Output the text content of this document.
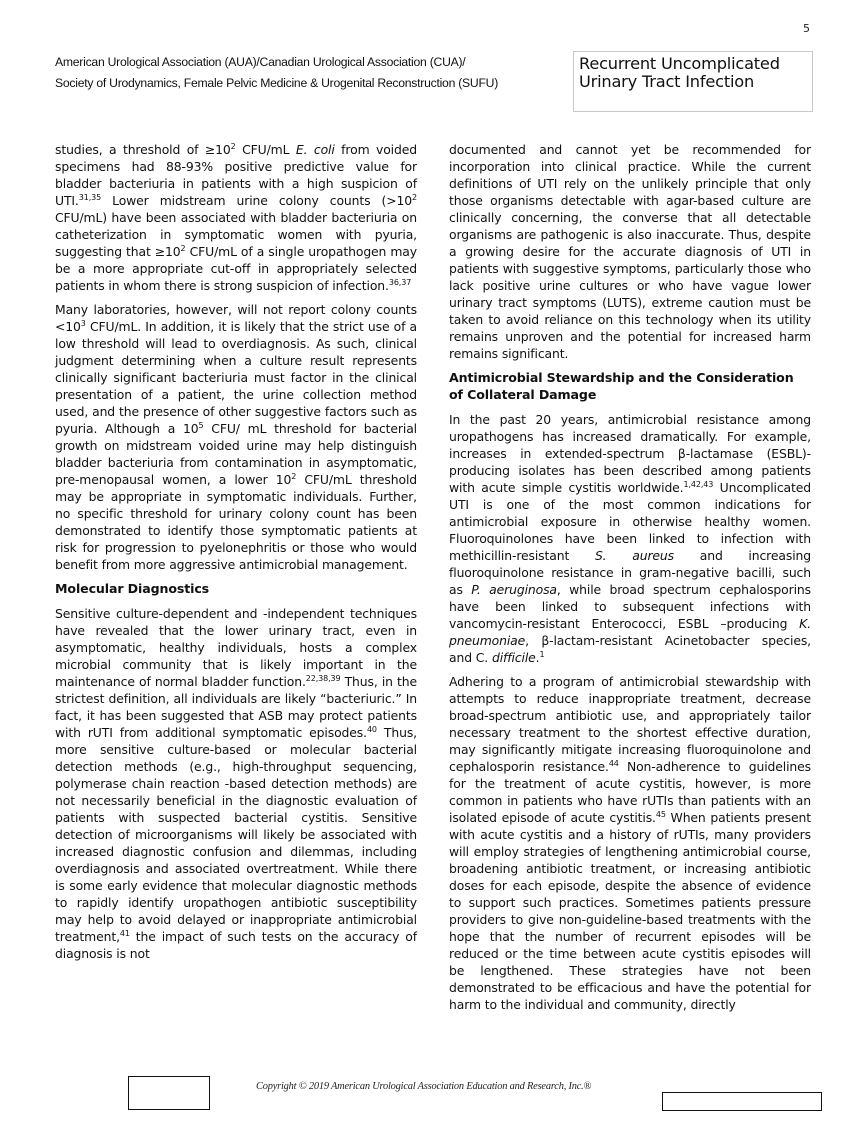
5
American Urological Association (AUA)/Canadian Urological Association (CUA)/
Society of Urodynamics, Female Pelvic Medicine & Urogenital Reconstruction (SUFU)
Recurrent Uncomplicated
Urinary Tract Infection

studies, a threshold of $\ge 10^2$ CFU/mL E. coli from voided specimens had 88-93% positive predictive value for bladder bacteriuria in patients with a high suspicion of UTI.$^{31,35}$ Lower midstream urine colony counts ($>10^2$ CFU/mL) have been associated with bladder bacteriuria on catheterization in symptomatic women with pyuria, suggesting that $\ge 10^2$ CFU/mL of a single uropathogen may be a more appropriate cut-off in appropriately selected patients in whom there is strong suspicion of infection.$^{36,37}$

Many laboratories, however, will not report colony counts $<10^3$ CFU/mL. In addition, it is likely that the strict use of a low threshold will lead to overdiagnosis. As such, clinical judgment determining when a culture result represents clinically significant bacteriuria must factor in the clinical presentation of a patient, the urine collection method used, and the presence of other suggestive factors such as pyuria. Although a $10^5$ CFU/ mL threshold for bacterial growth on midstream voided urine may help distinguish bladder bacteriuria from contamination in asymptomatic, pre-menopausal women, a lower $10^2$ CFU/mL threshold may be appropriate in symptomatic individuals. Further, no specific threshold for urinary colony count has been demonstrated to identify those symptomatic patients at risk for progression to pyelonephritis or those who would benefit from more aggressive antimicrobial management.

Molecular Diagnostics

Sensitive culture-dependent and -independent techniques have revealed that the lower urinary tract, even in asymptomatic, healthy individuals, hosts a complex microbial community that is likely important in the maintenance of normal bladder function.$^{22,38,39}$ Thus, in the strictest definition, all individuals are likely “bacteriuric.” In fact, it has been suggested that ASB may protect patients with rUTI from additional symptomatic episodes.$^{40}$ Thus, more sensitive culture-based or molecular bacterial detection methods (e.g., high-throughput sequencing, polymerase chain reaction -based detection methods) are not necessarily beneficial in the diagnostic evaluation of patients with suspected bacterial cystitis. Sensitive detection of microorganisms will likely be associated with increased diagnostic confusion and dilemmas, including overdiagnosis and associated overtreatment. While there is some early evidence that molecular diagnostic methods to rapidly identify uropathogen antibiotic susceptibility may help to avoid delayed or inappropriate antimicrobial treatment,$^{41}$ the impact of such tests on the accuracy of diagnosis is not

documented and cannot yet be recommended for incorporation into clinical practice. While the current definitions of UTI rely on the unlikely principle that only those organisms detectable with agar-based culture are clinically concerning, the converse that all detectable organisms are pathogenic is also inaccurate. Thus, despite a growing desire for the accurate diagnosis of UTI in patients with suggestive symptoms, particularly those who lack positive urine cultures or who have vague lower urinary tract symptoms (LUTS), extreme caution must be taken to avoid reliance on this technology when its utility remains unproven and the potential for increased harm remains significant.

Antimicrobial Stewardship and the Consideration of Collateral Damage

In the past 20 years, antimicrobial resistance among uropathogens has increased dramatically. For example, increases in extended-spectrum β-lactamase (ESBL)-producing isolates has been described among patients with acute simple cystitis worldwide.$^{1,42,43}$ Uncomplicated UTI is one of the most common indications for antimicrobial exposure in otherwise healthy women. Fluoroquinolones have been linked to infection with methicillin-resistant S. aureus and increasing fluoroquinolone resistance in gram-negative bacilli, such as P. aeruginosa, while broad spectrum cephalosporins have been linked to subsequent infections with vancomycin-resistant Enterococci, ESBL –producing K. pneumoniae, β-lactam-resistant Acinetobacter species, and C. difficile.$^1$

Adhering to a program of antimicrobial stewardship with attempts to reduce inappropriate treatment, decrease broad-spectrum antibiotic use, and appropriately tailor necessary treatment to the shortest effective duration, may significantly mitigate increasing fluoroquinolone and cephalosporin resistance.$^{44}$ Non-adherence to guidelines for the treatment of acute cystitis, however, is more common in patients who have rUTIs than patients with an isolated episode of acute cystitis.$^{45}$ When patients present with acute cystitis and a history of rUTIs, many providers will employ strategies of lengthening antimicrobial course, broadening antibiotic treatment, or increasing antibiotic doses for each episode, despite the absence of evidence to support such practices. Sometimes patients pressure providers to give non-guideline-based treatments with the hope that the number of recurrent episodes will be reduced or the time between acute cystitis episodes will be lengthened. These strategies have not been demonstrated to be efficacious and have the potential for harm to the individual and community, directly

Copyright © 2019 American Urological Association Education and Research, Inc.®
